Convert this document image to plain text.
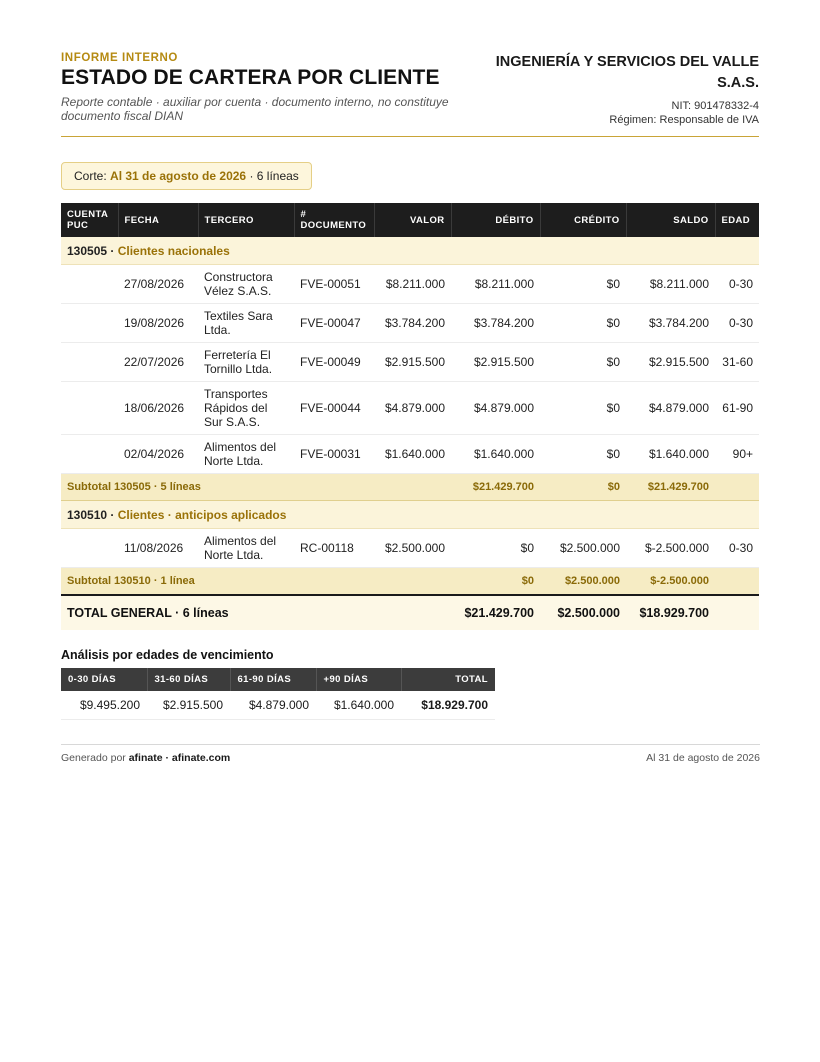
INFORME INTERNO
ESTADO DE CARTERA POR CLIENTE
Reporte contable · auxiliar por cuenta · documento interno, no constituye documento fiscal DIAN
INGENIERÍA Y SERVICIOS DEL VALLE S.A.S.
NIT: 901478332-4
Régimen: Responsable de IVA
Corte: Al 31 de agosto de 2026 · 6 líneas
CUENTA PUC	FECHA	TERCERO	# DOCUMENTO	VALOR	DÉBITO	CRÉDITO	SALDO	EDAD
130505 · Clientes nacionales								
	27/08/2026	Constructora Vélez S.A.S.	FVE-00051	$8.211.000	$8.211.000	$0	$8.211.000	0-30
	19/08/2026	Textiles Sara Ltda.	FVE-00047	$3.784.200	$3.784.200	$0	$3.784.200	0-30
	22/07/2026	Ferretería El Tornillo Ltda.	FVE-00049	$2.915.500	$2.915.500	$0	$2.915.500	31-60
	18/06/2026	Transportes Rápidos del Sur S.A.S.	FVE-00044	$4.879.000	$4.879.000	$0	$4.879.000	61-90
	02/04/2026	Alimentos del Norte Ltda.	FVE-00031	$1.640.000	$1.640.000	$0	$1.640.000	90+
Subtotal 130505 · 5 líneas					$21.429.700	$0	$21.429.700	
130510 · Clientes · anticipos aplicados								
	11/08/2026	Alimentos del Norte Ltda.	RC-00118	$2.500.000	$0	$2.500.000	$-2.500.000	0-30
Subtotal 130510 · 1 línea					$0	$2.500.000	$-2.500.000	
TOTAL GENERAL · 6 líneas					$21.429.700	$2.500.000	$18.929.700	
Análisis por edades de vencimiento
0-30 DÍAS	31-60 DÍAS	61-90 DÍAS	+90 DÍAS	TOTAL
$9.495.200	$2.915.500	$4.879.000	$1.640.000	$18.929.700
Generado por afinate · afinate.com	Al 31 de agosto de 2026
